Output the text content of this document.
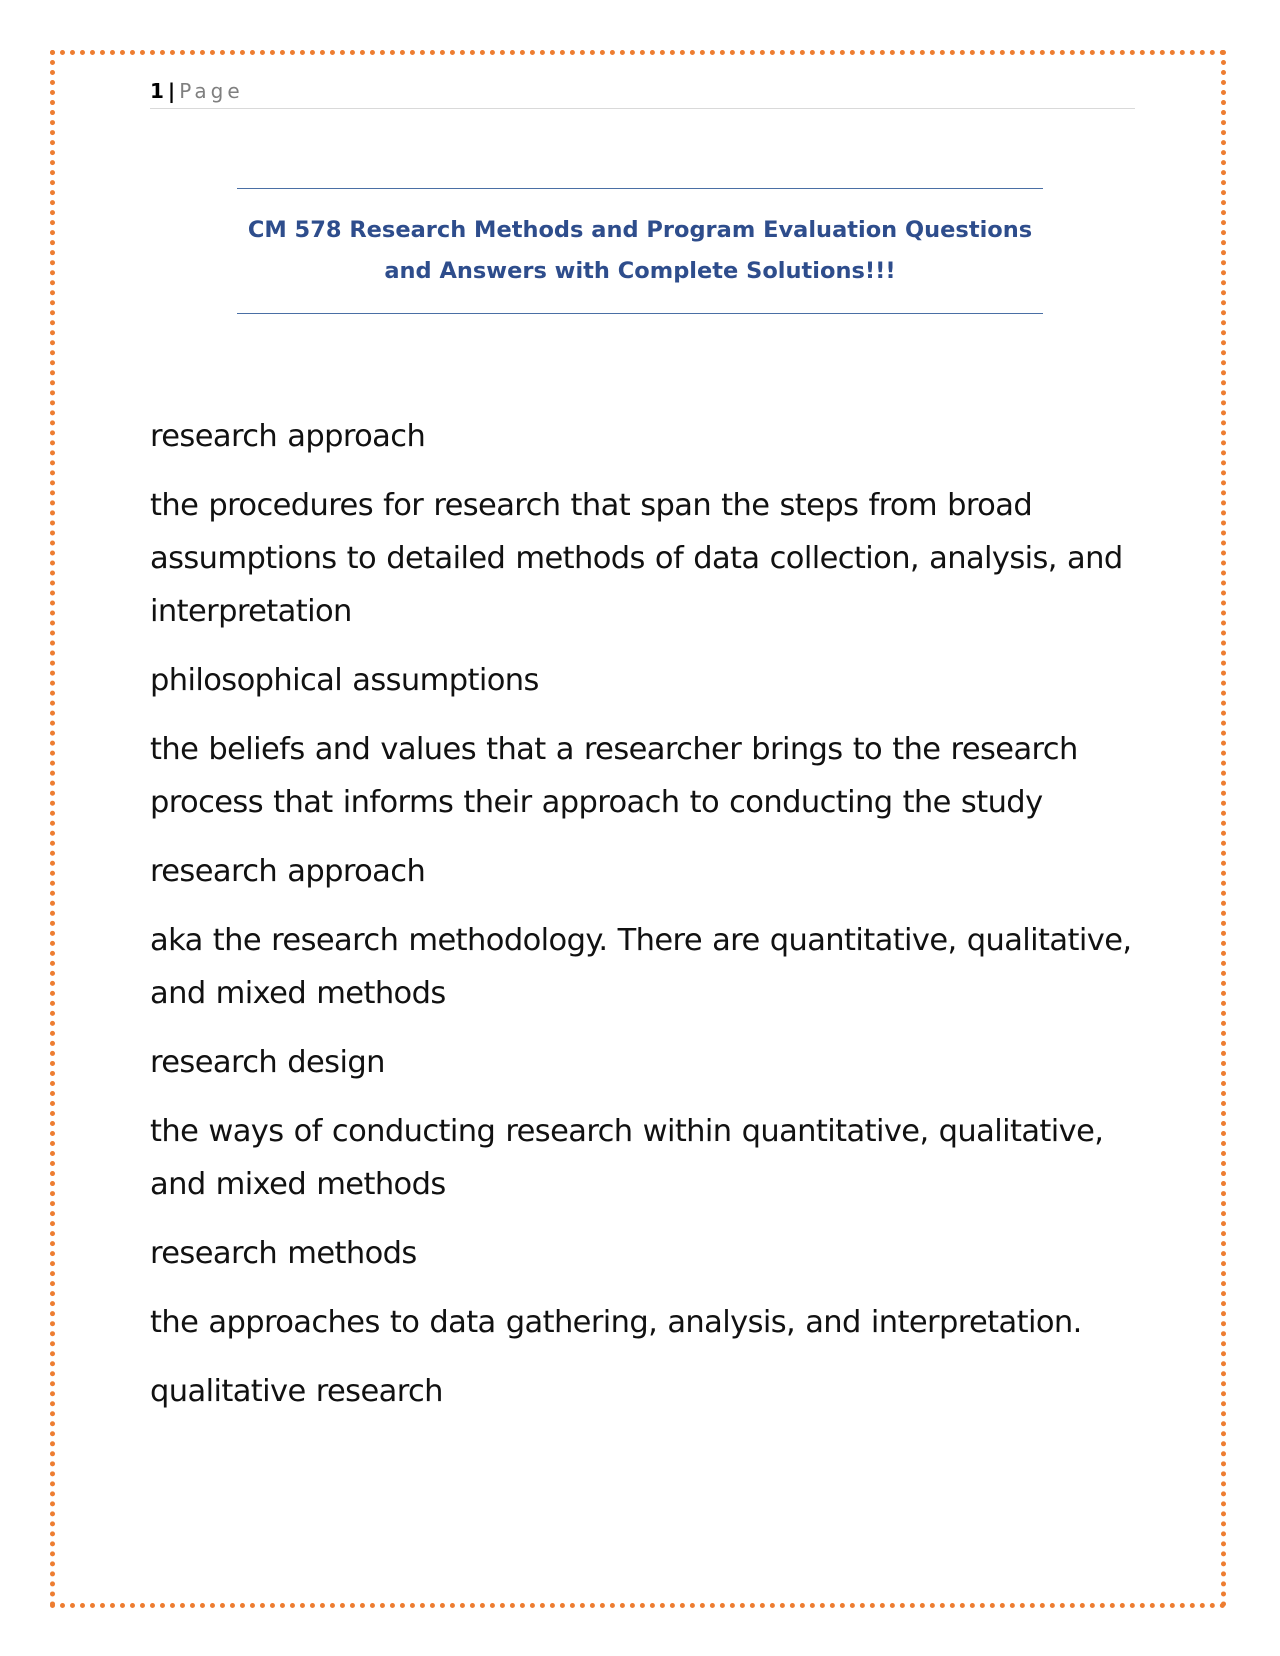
1 | Page

CM 578 Research Methods and Program Evaluation Questions
and Answers with Complete Solutions!!!

research approach

the procedures for research that span the steps from broad assumptions to detailed methods of data collection, analysis, and interpretation

philosophical assumptions

the beliefs and values that a researcher brings to the research process that informs their approach to conducting the study

research approach

aka the research methodology. There are quantitative, qualitative, and mixed methods

research design

the ways of conducting research within quantitative, qualitative, and mixed methods

research methods

the approaches to data gathering, analysis, and interpretation.

qualitative research
